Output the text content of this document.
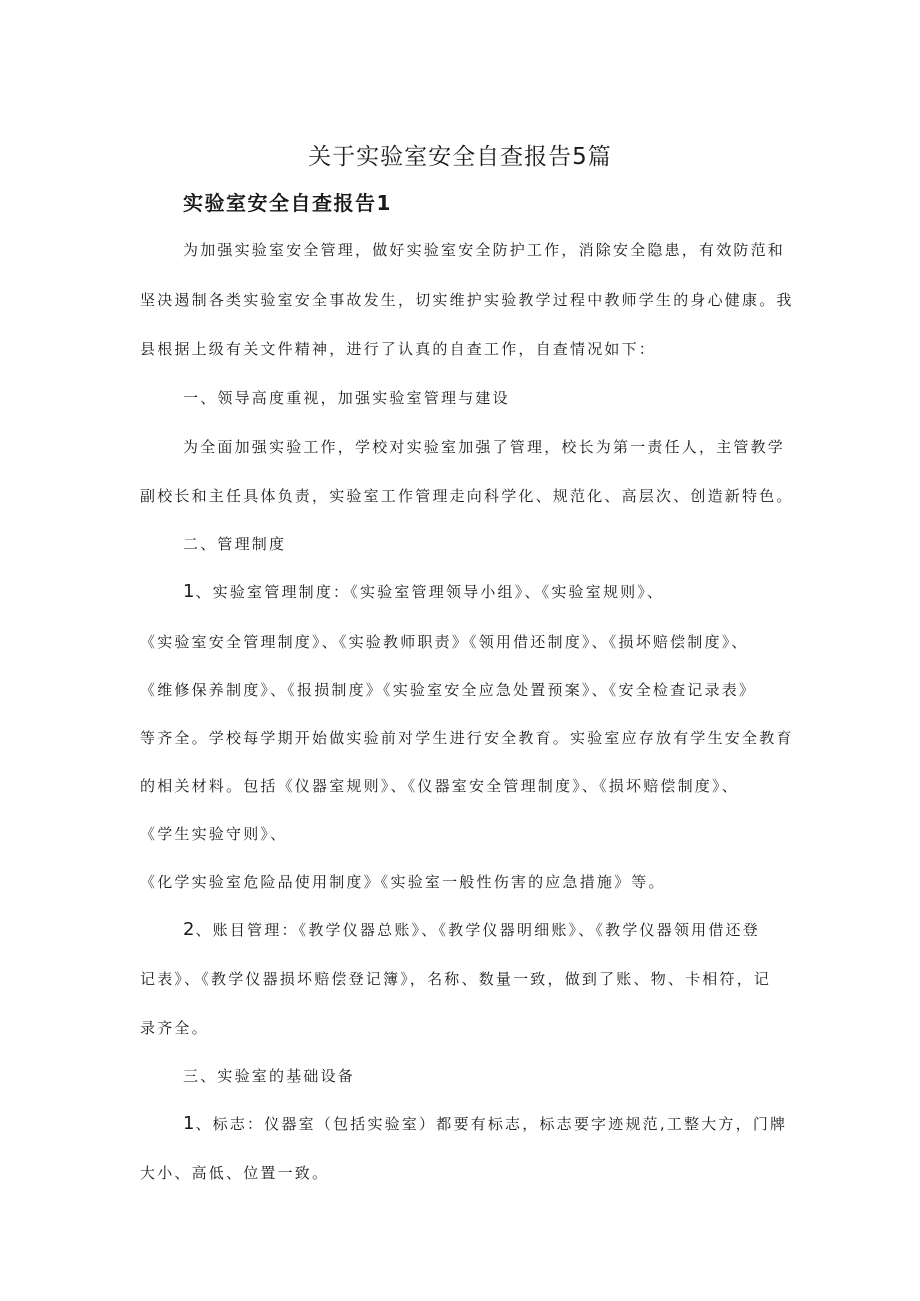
关于实验室安全自查报告5篇
实验室安全自查报告1
为加强实验室安全管理，做好实验室安全防护工作，消除安全隐患，有效防范和
坚决遏制各类实验室安全事故发生，切实维护实验教学过程中教师学生的身心健康。我
县根据上级有关文件精神，进行了认真的自查工作，自查情况如下：
一、领导高度重视，加强实验室管理与建设
为全面加强实验工作，学校对实验室加强了管理，校长为第一责任人，主管教学
副校长和主任具体负责，实验室工作管理走向科学化、规范化、高层次、创造新特色。
二、管理制度
1、实验室管理制度：《实验室管理领导小组》、《实验室规则》、
《实验室安全管理制度》、《实验教师职责》《领用借还制度》、《损坏赔偿制度》、
《维修保养制度》、《报损制度》《实验室安全应急处置预案》、《安全检查记录表》
等齐全。学校每学期开始做实验前对学生进行安全教育。实验室应存放有学生安全教育
的相关材料。包括《仪器室规则》、《仪器室安全管理制度》、《损坏赔偿制度》、
《学生实验守则》、
《化学实验室危险品使用制度》《实验室一般性伤害的应急措施》等。
2、账目管理：《教学仪器总账》、《教学仪器明细账》、《教学仪器领用借还登
记表》、《教学仪器损坏赔偿登记簿》，名称、数量一致，做到了账、物、卡相符，记
录齐全。
三、实验室的基础设备
1、标志：仪器室（包括实验室）都要有标志，标志要字迹规范,工整大方，门牌
大小、高低、位置一致。
